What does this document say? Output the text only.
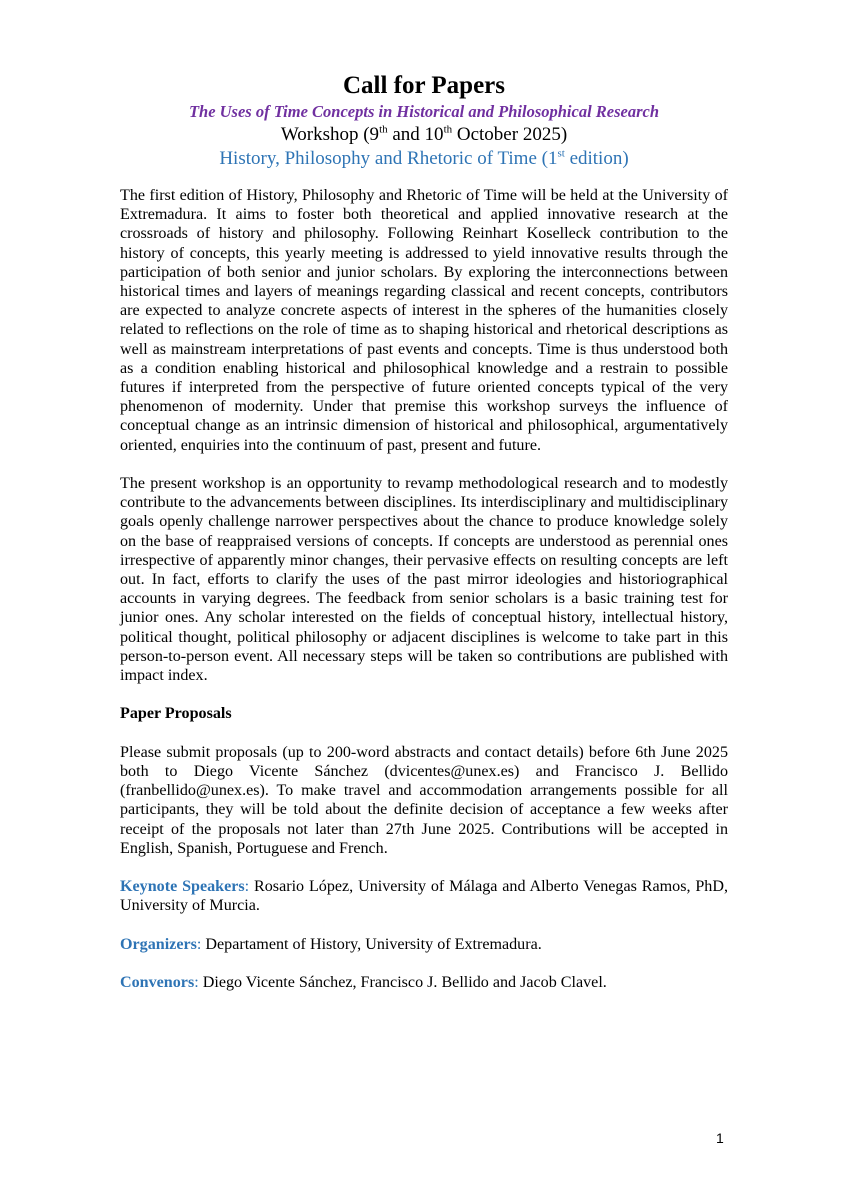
Call for Papers

The Uses of Time Concepts in Historical and Philosophical Research

Workshop (9th and 10th October 2025)

History, Philosophy and Rhetoric of Time (1st edition)

The first edition of History, Philosophy and Rhetoric of Time will be held at the University of Extremadura. It aims to foster both theoretical and applied innovative research at the crossroads of history and philosophy. Following Reinhart Koselleck contribution to the history of concepts, this yearly meeting is addressed to yield innovative results through the participation of both senior and junior scholars. By exploring the interconnections between historical times and layers of meanings regarding classical and recent concepts, contributors are expected to analyze concrete aspects of interest in the spheres of the humanities closely related to reflections on the role of time as to shaping historical and rhetorical descriptions as well as mainstream interpretations of past events and concepts. Time is thus understood both as a condition enabling historical and philosophical knowledge and a restrain to possible futures if interpreted from the perspective of future oriented concepts typical of the very phenomenon of modernity. Under that premise this workshop surveys the influence of conceptual change as an intrinsic dimension of historical and philosophical, argumentatively oriented, enquiries into the continuum of past, present and future.

The present workshop is an opportunity to revamp methodological research and to modestly contribute to the advancements between disciplines. Its interdisciplinary and multidisciplinary goals openly challenge narrower perspectives about the chance to produce knowledge solely on the base of reappraised versions of concepts. If concepts are understood as perennial ones irrespective of apparently minor changes, their pervasive effects on resulting concepts are left out. In fact, efforts to clarify the uses of the past mirror ideologies and historiographical accounts in varying degrees. The feedback from senior scholars is a basic training test for junior ones. Any scholar interested on the fields of conceptual history, intellectual history, political thought, political philosophy or adjacent disciplines is welcome to take part in this person-to-person event. All necessary steps will be taken so contributions are published with impact index.

Paper Proposals

Please submit proposals (up to 200-word abstracts and contact details) before 6th June 2025 both to Diego Vicente Sánchez (dvicentes@unex.es) and Francisco J. Bellido (franbellido@unex.es). To make travel and accommodation arrangements possible for all participants, they will be told about the definite decision of acceptance a few weeks after receipt of the proposals not later than 27th June 2025. Contributions will be accepted in English, Spanish, Portuguese and French.

Keynote Speakers: Rosario López, University of Málaga and Alberto Venegas Ramos, PhD, University of Murcia.

Organizers: Departament of History, University of Extremadura.

Convenors: Diego Vicente Sánchez, Francisco J. Bellido and Jacob Clavel.

1
